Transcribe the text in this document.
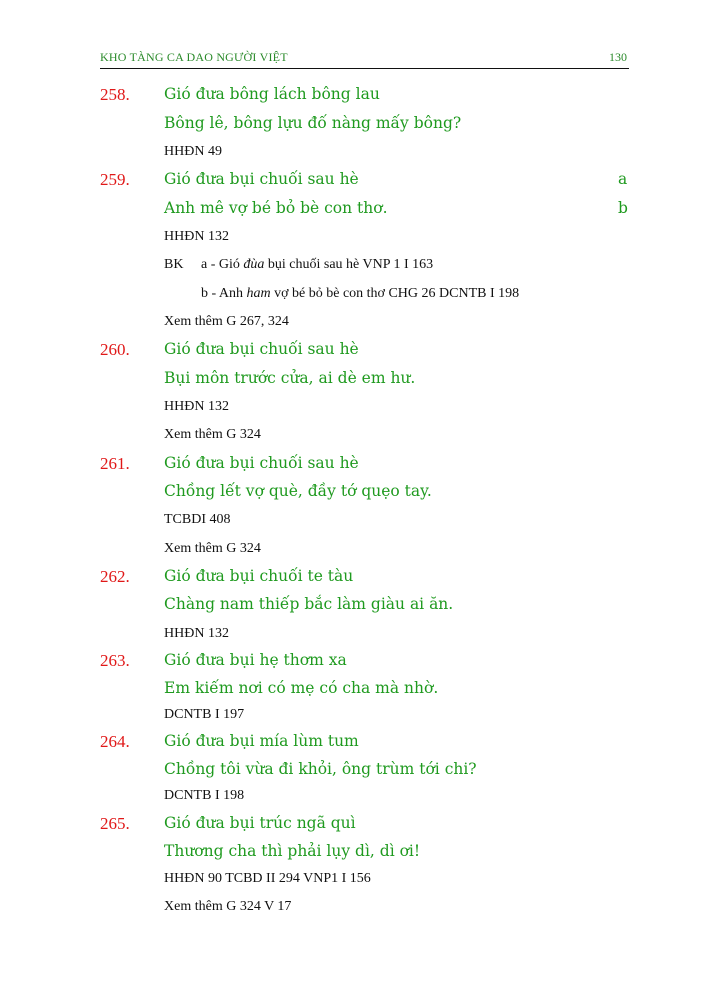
KHO TÀNG CA DAO NGƯỜI VIỆT	130
258. Gió đưa bông lách bông lau
Bông lê, bông lựu đố nàng mấy bông?
HHĐN 49
259. Gió đưa bụi chuối sau hè	a
Anh mê vợ bé bỏ bè con thơ.	b
HHĐN 132
BK a - Gió đùa bụi chuối sau hè VNP 1 I 163
b - Anh ham vợ bé bỏ bè con thơ CHG 26 DCNTB I 198
Xem thêm G 267, 324
260. Gió đưa bụi chuối sau hè
Bụi môn trước cửa, ai dè em hư.
HHĐN 132
Xem thêm G 324
261. Gió đưa bụi chuối sau hè
Chồng lết vợ què, đầy tớ quẹo tay.
TCBDI 408
Xem thêm G 324
262. Gió đưa bụi chuối te tàu
Chàng nam thiếp bắc làm giàu ai ăn.
HHĐN 132
263. Gió đưa bụi hẹ thơm xa
Em kiếm nơi có mẹ có cha mà nhờ.
DCNTB I 197
264. Gió đưa bụi mía lùm tum
Chồng tôi vừa đi khỏi, ông trùm tới chi?
DCNTB I 198
265. Gió đưa bụi trúc ngã quì
Thương cha thì phải lụy dì, dì ơi!
HHĐN 90 TCBD II 294 VNP1 I 156
Xem thêm G 324 V 17
